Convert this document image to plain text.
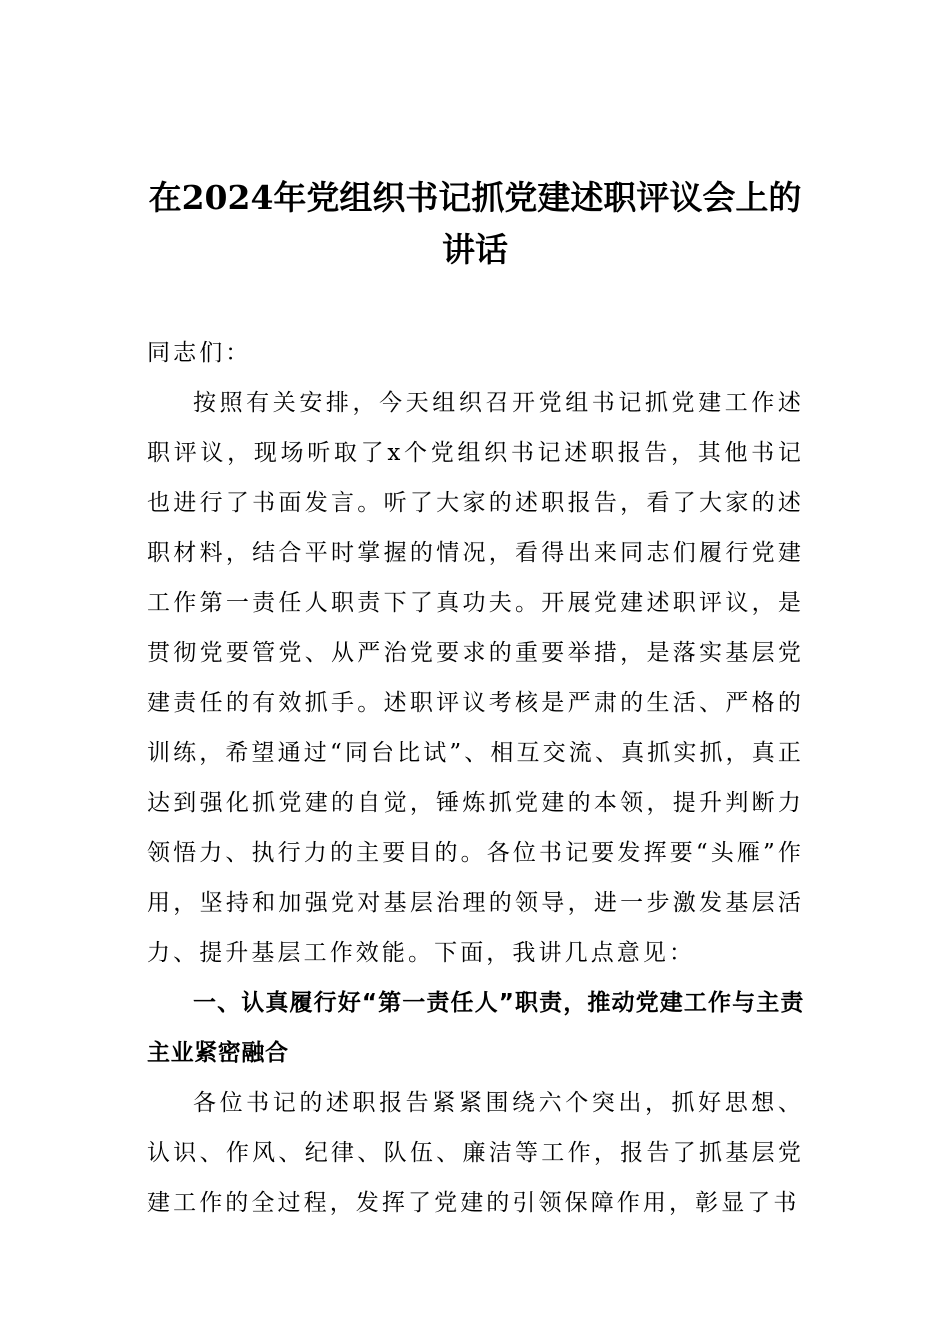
在2024年党组织书记抓党建述职评议会上的讲话

同志们：

按照有关安排，今天组织召开党组书记抓党建工作述职评议，现场听取了x个党组织书记述职报告，其他书记也进行了书面发言。听了大家的述职报告，看了大家的述职材料，结合平时掌握的情况，看得出来同志们履行党建工作第一责任人职责下了真功夫。开展党建述职评议，是贯彻党要管党、从严治党要求的重要举措，是落实基层党建责任的有效抓手。述职评议考核是严肃的生活、严格的训练，希望通过“同台比试”、相互交流、真抓实抓，真正达到强化抓党建的自觉，锤炼抓党建的本领，提升判断力领悟力、执行力的主要目的。各位书记要发挥要“头雁”作用，坚持和加强党对基层治理的领导，进一步激发基层活力、提升基层工作效能。下面，我讲几点意见：

一、认真履行好“第一责任人”职责，推动党建工作与主责主业紧密融合

各位书记的述职报告紧紧围绕六个突出，抓好思想、认识、作风、纪律、队伍、廉洁等工作，报告了抓基层党建工作的全过程，发挥了党建的引领保障作用，彰显了书
